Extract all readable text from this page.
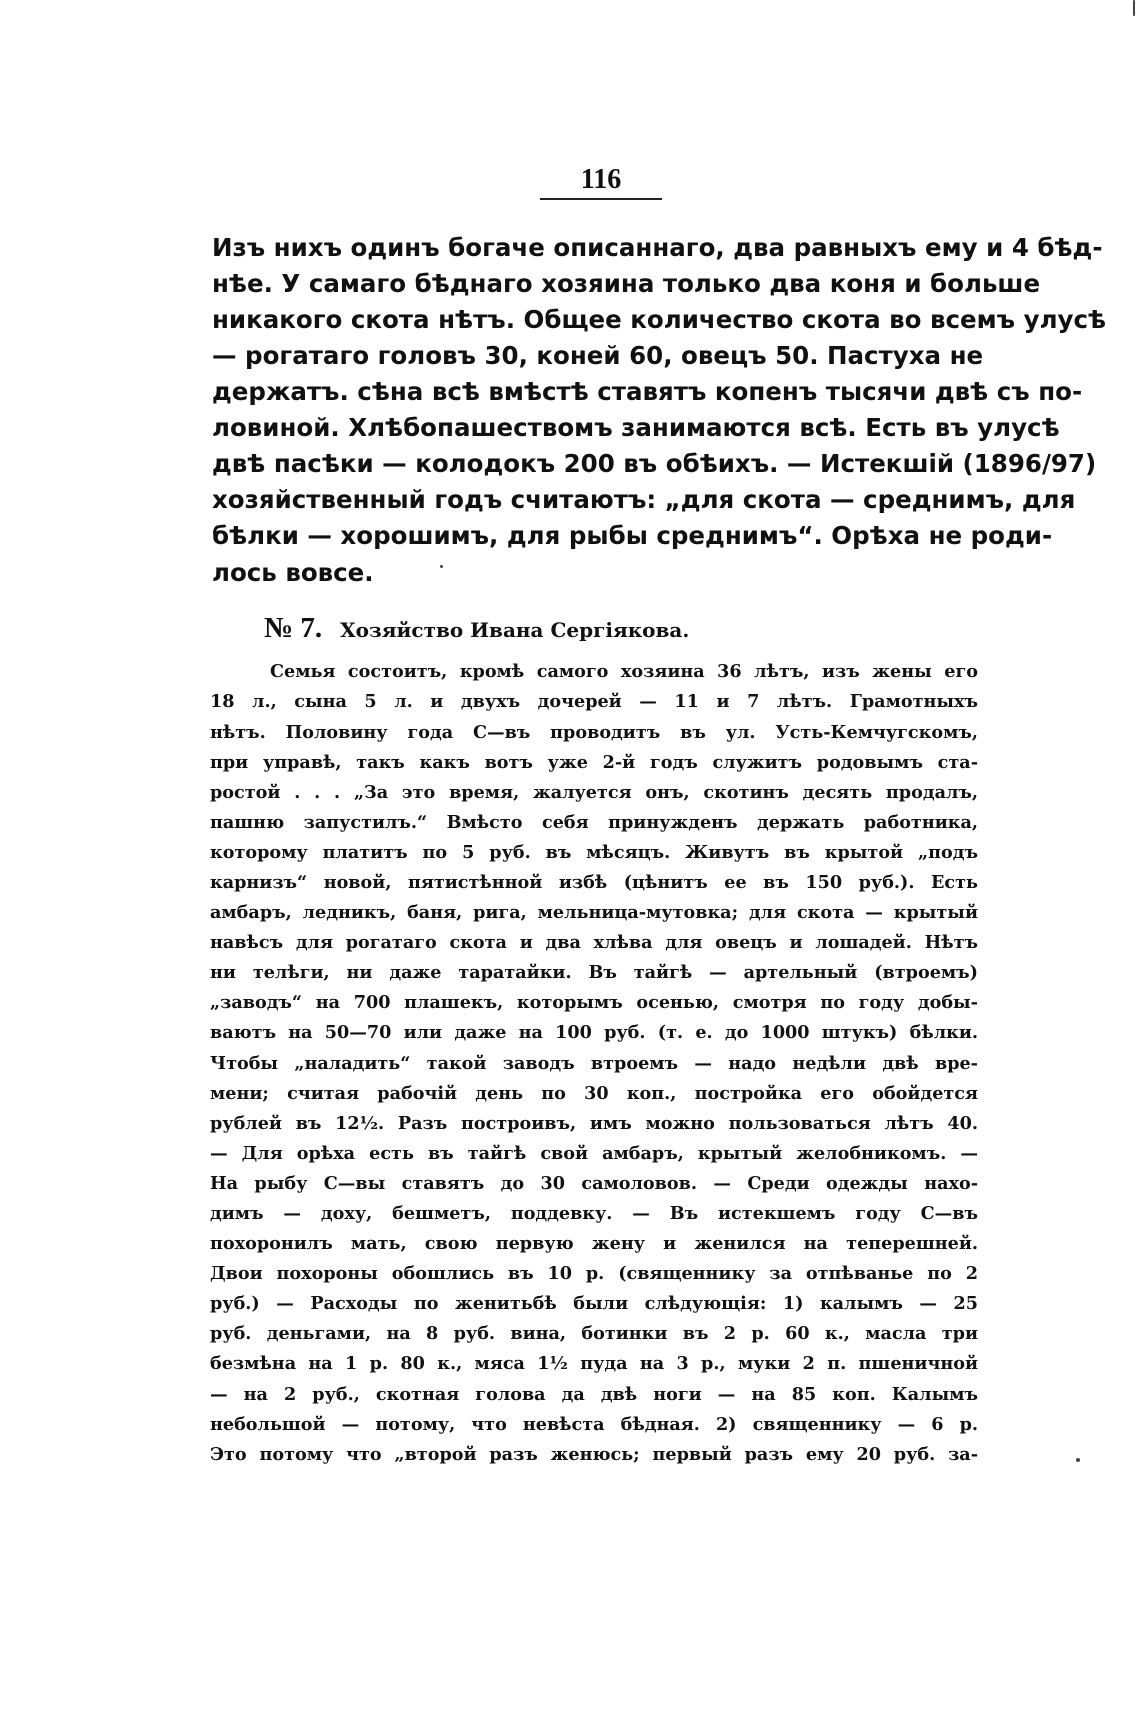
116
Изъ нихъ одинъ богаче описаннаго, два равныхъ ему и 4 бѣд-
нѣе. У самаго бѣднаго хозяина только два коня и больше
никакого скота нѣтъ. Общее количество скота во всемъ улусѣ
— рогатаго головъ 30, коней 60, овецъ 50. Пастуха не
держатъ. сѣна всѣ вмѣстѣ ставятъ копенъ тысячи двѣ съ по-
ловиной. Хлѣбопашествомъ занимаются всѣ. Есть въ улусѣ
двѣ пасѣки — колодокъ 200 въ обѣихъ. — Истекшій (1896/97)
хозяйственный годъ считаютъ: „для скота — среднимъ, для
бѣлки — хорошимъ, для рыбы среднимъ“. Орѣха не роди-
лось вовсе.
№ 7. Хозяйство Ивана Сергiякова.
Семья состоитъ, кромѣ самого хозяина 36 лѣтъ, изъ жены его
18 л., сына 5 л. и двухъ дочерей — 11 и 7 лѣтъ. Грамотныхъ
нѣтъ. Половину года С—въ проводитъ въ ул. Усть-Кемчугскомъ,
при управѣ, такъ какъ вотъ уже 2-й годъ служитъ родовымъ ста-
ростой . . . „За это время, жалуется онъ, скотинъ десять продалъ,
пашню запустилъ.“ Вмѣсто себя принужденъ держать работника,
которому платитъ по 5 руб. въ мѣсяцъ. Живутъ въ крытой „подъ
карнизъ“ новой, пятистѣнной избѣ (цѣнитъ ее въ 150 руб.). Есть
амбаръ, ледникъ, баня, рига, мельница-мутовка; для скота — крытый
навѣсъ для рогатаго скота и два хлѣва для овецъ и лошадей. Нѣтъ
ни телѣги, ни даже таратайки. Въ тайгѣ — артельный (втроемъ)
„заводъ“ на 700 плашекъ, которымъ осенью, смотря по году добы-
ваютъ на 50—70 или даже на 100 руб. (т. е. до 1000 штукъ) бѣлки.
Чтобы „наладить“ такой заводъ втроемъ — надо недѣли двѣ вре-
мени; считая рабочій день по 30 коп., постройка его обойдется
рублей въ 12½. Разъ построивъ, имъ можно пользоваться лѣтъ 40.
— Для орѣха есть въ тайгѣ свой амбаръ, крытый желобникомъ. —
На рыбу С—вы ставятъ до 30 самоловов. — Среди одежды нахо-
димъ — доху, бешметъ, поддевку. — Въ истекшемъ году С—въ
похоронилъ мать, свою первую жену и женился на теперешней.
Двои похороны обошлись въ 10 р. (священнику за отпѣванье по 2
руб.) — Расходы по женитьбѣ были слѣдующія: 1) калымъ — 25
руб. деньгами, на 8 руб. вина, ботинки въ 2 р. 60 к., масла три
безмѣна на 1 р. 80 к., мяса 1½ пуда на 3 р., муки 2 п. пшеничной
— на 2 руб., скотная голова да двѣ ноги — на 85 коп. Калымъ
небольшой — потому, что невѣста бѣдная. 2) священнику — 6 р.
Это потому что „второй разъ женюсь; первый разъ ему 20 руб. за-
